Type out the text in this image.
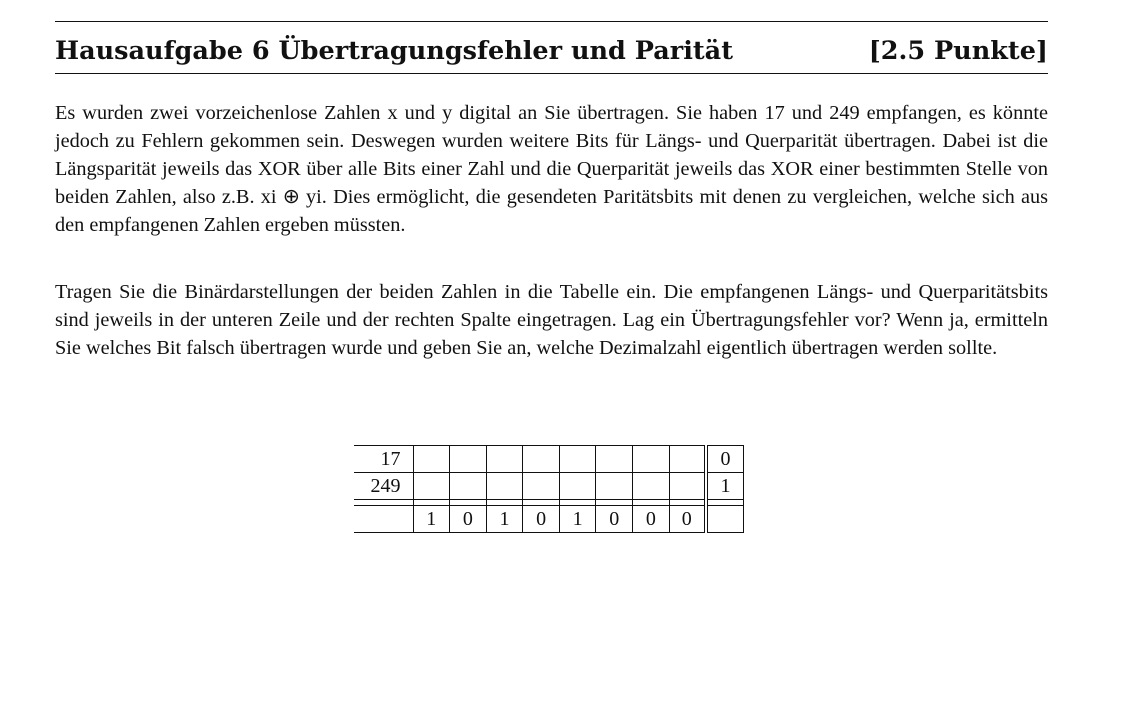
Hausaufgabe 6 Übertragungsfehler und Parität	[2.5 Punkte]

Es wurden zwei vorzeichenlose Zahlen x und y digital an Sie übertragen. Sie haben 17 und 249 empfangen, es könnte jedoch zu Fehlern gekommen sein. Deswegen wurden weitere Bits für Längs- und Querparität übertragen. Dabei ist die Längsparität jeweils das XOR über alle Bits einer Zahl und die Querparität jeweils das XOR einer bestimmten Stelle von beiden Zahlen, also z.B. xi ⊕ yi. Dies ermöglicht, die gesendeten Paritätsbits mit denen zu vergleichen, welche sich aus den empfangenen Zahlen ergeben müssten.

Tragen Sie die Binärdarstellungen der beiden Zahlen in die Tabelle ein. Die empfangenen Längs- und Querparitätsbits sind jeweils in der unteren Zeile und der rechten Spalte eingetragen. Lag ein Übertragungsfehler vor? Wenn ja, ermitteln Sie welches Bit falsch übertragen wurde und geben Sie an, welche Dezimalzahl eigentlich übertragen werden sollte.

17									0
249									1

	1	0	1	0	1	0	0	0	
